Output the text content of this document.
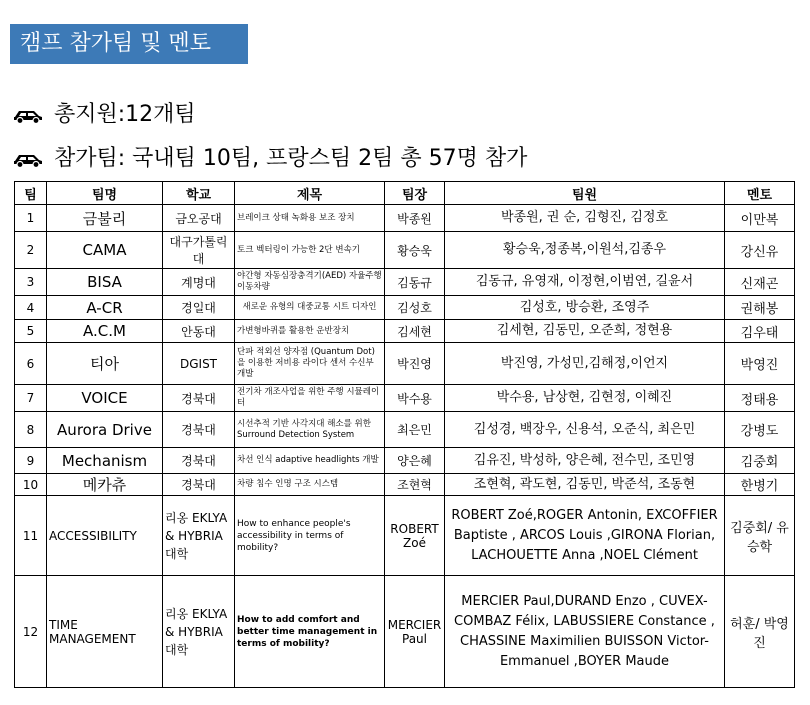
캠프 참가팀 및 멘토
총지원:12개팀
참가팀: 국내팀 10팀, 프랑스팀 2팀 총 57명 참가
팀	팀명	학교	제목	팀장	팀원	멘토
1	금불리	금오공대	브레이크 상태 녹화용 보조 장치	박종원	박종원, 권 순, 김형진, 김정호	이만복
2	CAMA	대구가톨릭대	토크 벡터링이 가능한 2단 변속기	황승욱	황승욱,정종복,이원석,김종우	강신유
3	BISA	계명대	야간형 자동심장충격기(AED) 자율주행 이동차량	김동규	김동규, 유영재, 이정현,이범연, 길윤서	신재곤
4	A-CR	경일대	새로운 유형의 대중교통 시트 디자인	김성호	김성호, 방승환, 조영주	권해봉
5	A.C.M	안동대	가변형바퀴를 활용한 운반장치	김세현	김세현, 김동민, 오준희, 정현용	김우태
6	티아	DGIST	단파 적외선 양자점 (Quantum Dot)을 이용한 저비용 라이다 센서 수신부 개발	박진영	박진영, 가성민,김해정,이언지	박영진
7	VOICE	경북대	전기차 개조사업을 위한 주행 시뮬레이터	박수용	박수용, 남상현, 김현정, 이혜진	정태용
8	Aurora Drive	경북대	시선추적 기반 사각지대 해소를 위한 Surround Detection System	최은민	김성경, 백장우, 신용석, 오준식, 최은민	강병도
9	Mechanism	경북대	차선 인식 adaptive headlights 개발	양은혜	김유진, 박성하, 양은혜, 전수민, 조민영	김중회
10	메카츄	경북대	차량 침수 인명 구조 시스템	조현혁	조현혁, 곽도현, 김동민, 박준석, 조동현	한병기
11	ACCESSIBILITY	리옹 EKLYA & HYBRIA 대학	How to enhance people's accessibility in terms of mobility?	ROBERT Zoé	ROBERT Zoé,ROGER Antonin, EXCOFFIER Baptiste , ARCOS Louis ,GIRONA Florian, LACHOUETTE Anna ,NOEL Clément	김중회/ 유승학
12	TIME MANAGEMENT	리옹 EKLYA & HYBRIA 대학	How to add comfort and better time management in terms of mobility?	MERCIER Paul	MERCIER Paul,DURAND Enzo , CUVEX-COMBAZ Félix, LABUSSIERE Constance , CHASSINE Maximilien BUISSON Victor-Emmanuel ,BOYER Maude	허훈/ 박영진
